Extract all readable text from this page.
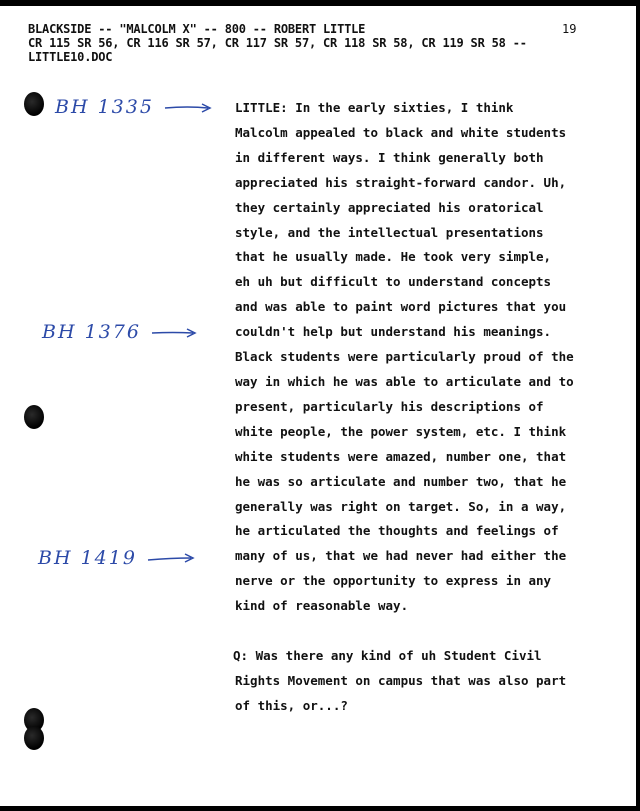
BLACKSIDE -- "MALCOLM X" -- 800 -- ROBERT LITTLE
CR 115 SR 56, CR 116 SR 57, CR 117 SR 57, CR 118 SR 58, CR 119 SR 58 --
LITTLE10.DOC
19
BH 1335
BH 1376
BH 1419
LITTLE: In the early sixties, I think
Malcolm appealed to black and white students
in different ways. I think generally both
appreciated his straight-forward candor. Uh,
they certainly appreciated his oratorical
style, and the intellectual presentations
that he usually made. He took very simple,
eh uh but difficult to understand concepts
and was able to paint word pictures that you
couldn't help but understand his meanings.
Black students were particularly proud of the
way in which he was able to articulate and to
present, particularly his descriptions of
white people, the power system, etc. I think
white students were amazed, number one, that
he was so articulate and number two, that he
generally was right on target. So, in a way,
he articulated the thoughts and feelings of
many of us, that we had never had either the
nerve or the opportunity to express in any
kind of reasonable way.
Q: Was there any kind of uh Student Civil
Rights Movement on campus that was also part
of this, or...?
